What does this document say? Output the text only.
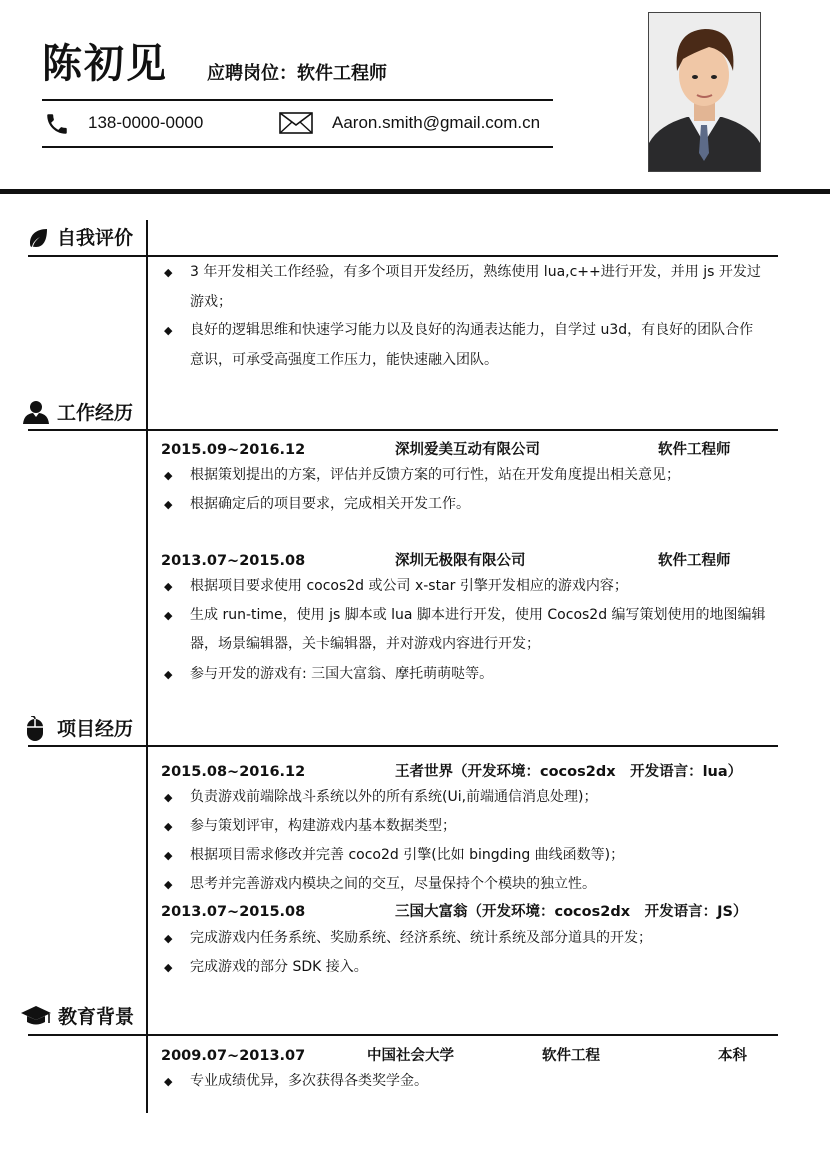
陈初见 应聘岗位：软件工程师
138-0000-0000	Aaron.smith@gmail.com.cn
自我评价
◆ 3 年开发相关工作经验，有多个项目开发经历，熟练使用 lua,c++进行开发，并用 js 开发过
游戏；
◆ 良好的逻辑思维和快速学习能力以及良好的沟通表达能力，自学过 u3d，有良好的团队合作
意识，可承受高强度工作压力，能快速融入团队。
工作经历
2015.09~2016.12	深圳爱美互动有限公司	软件工程师
◆ 根据策划提出的方案，评估并反馈方案的可行性，站在开发角度提出相关意见；
◆ 根据确定后的项目要求，完成相关开发工作。
2013.07~2015.08	深圳无极限有限公司	软件工程师
◆ 根据项目要求使用 cocos2d 或公司 x-star 引擎开发相应的游戏内容；
◆ 生成 run-time，使用 js 脚本或 lua 脚本进行开发，使用 Cocos2d 编写策划使用的地图编辑
器，场景编辑器，关卡编辑器，并对游戏内容进行开发；
◆ 参与开发的游戏有: 三国大富翁、摩托萌萌哒等。
项目经历
2015.08~2016.12	王者世界（开发环境：cocos2dx　开发语言：lua）
◆ 负责游戏前端除战斗系统以外的所有系统(Ui,前端通信消息处理)；
◆ 参与策划评审，构建游戏内基本数据类型；
◆ 根据项目需求修改并完善 coco2d 引擎(比如 bingding 曲线函数等)；
◆ 思考并完善游戏内模块之间的交互，尽量保持个个模块的独立性。
2013.07~2015.08	三国大富翁（开发环境：cocos2dx　开发语言：JS）
◆ 完成游戏内任务系统、奖励系统、经济系统、统计系统及部分道具的开发；
◆ 完成游戏的部分 SDK 接入。
教育背景
2009.07~2013.07	中国社会大学	软件工程	本科
◆ 专业成绩优异，多次获得各类奖学金。
